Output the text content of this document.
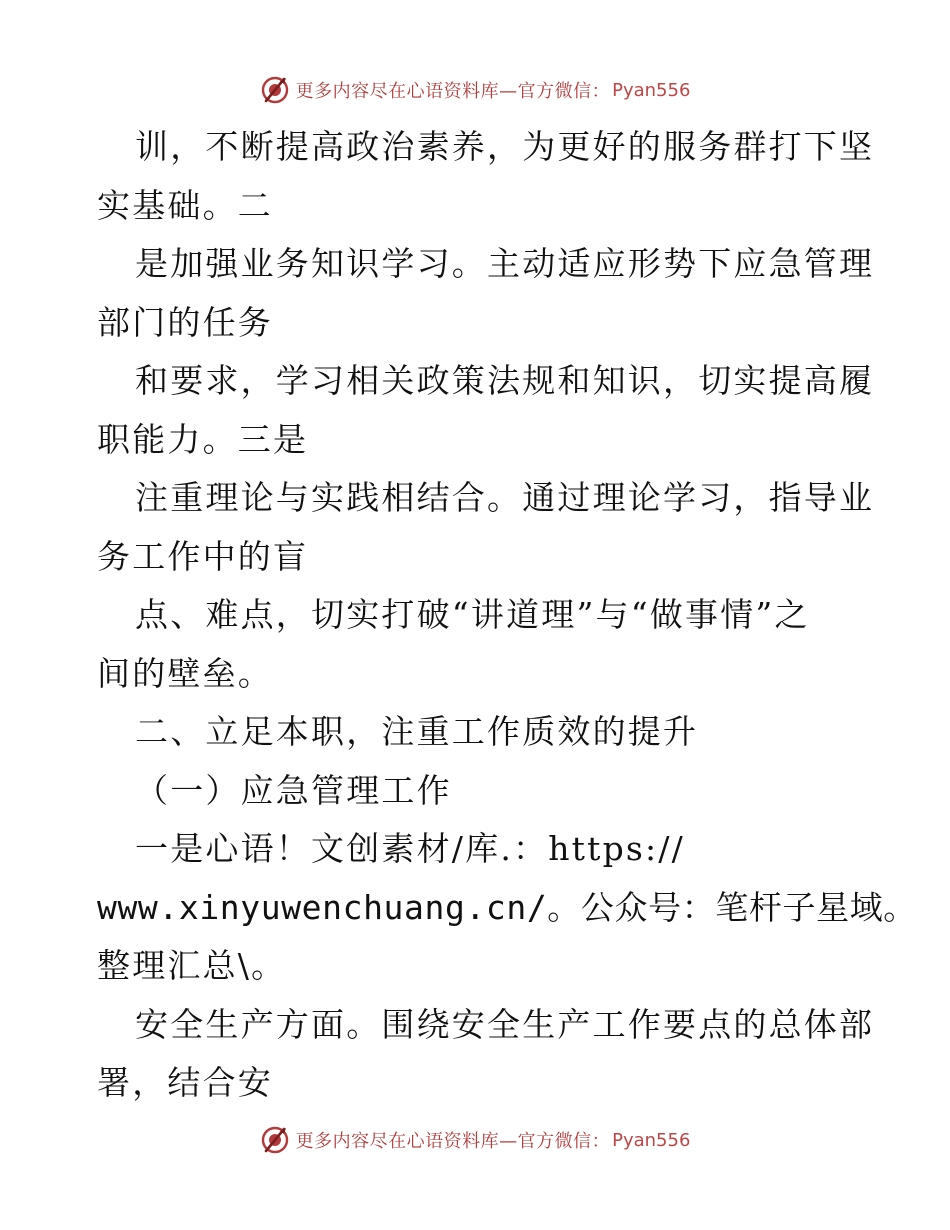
更多内容尽在心语资料库—官方微信： Pyan556

训，不断提高政治素养，为更好的服务群打下坚

实基础。二

是加强业务知识学习。主动适应形势下应急管理

部门的任务

和要求，学习相关政策法规和知识，切实提高履

职能力。三是

注重理论与实践相结合。通过理论学习，指导业

务工作中的盲

点、难点，切实打破“讲道理”与“做事情”之

间的壁垒。

二、立足本职，注重工作质效的提升

（一）应急管理工作

一是心语！文创素材/库.：https://

www.xinyuwenchuang.cn/。公众号：笔杆子星域。

整理汇总\。

安全生产方面。围绕安全生产工作要点的总体部

署，结合安

更多内容尽在心语资料库—官方微信： Pyan556
